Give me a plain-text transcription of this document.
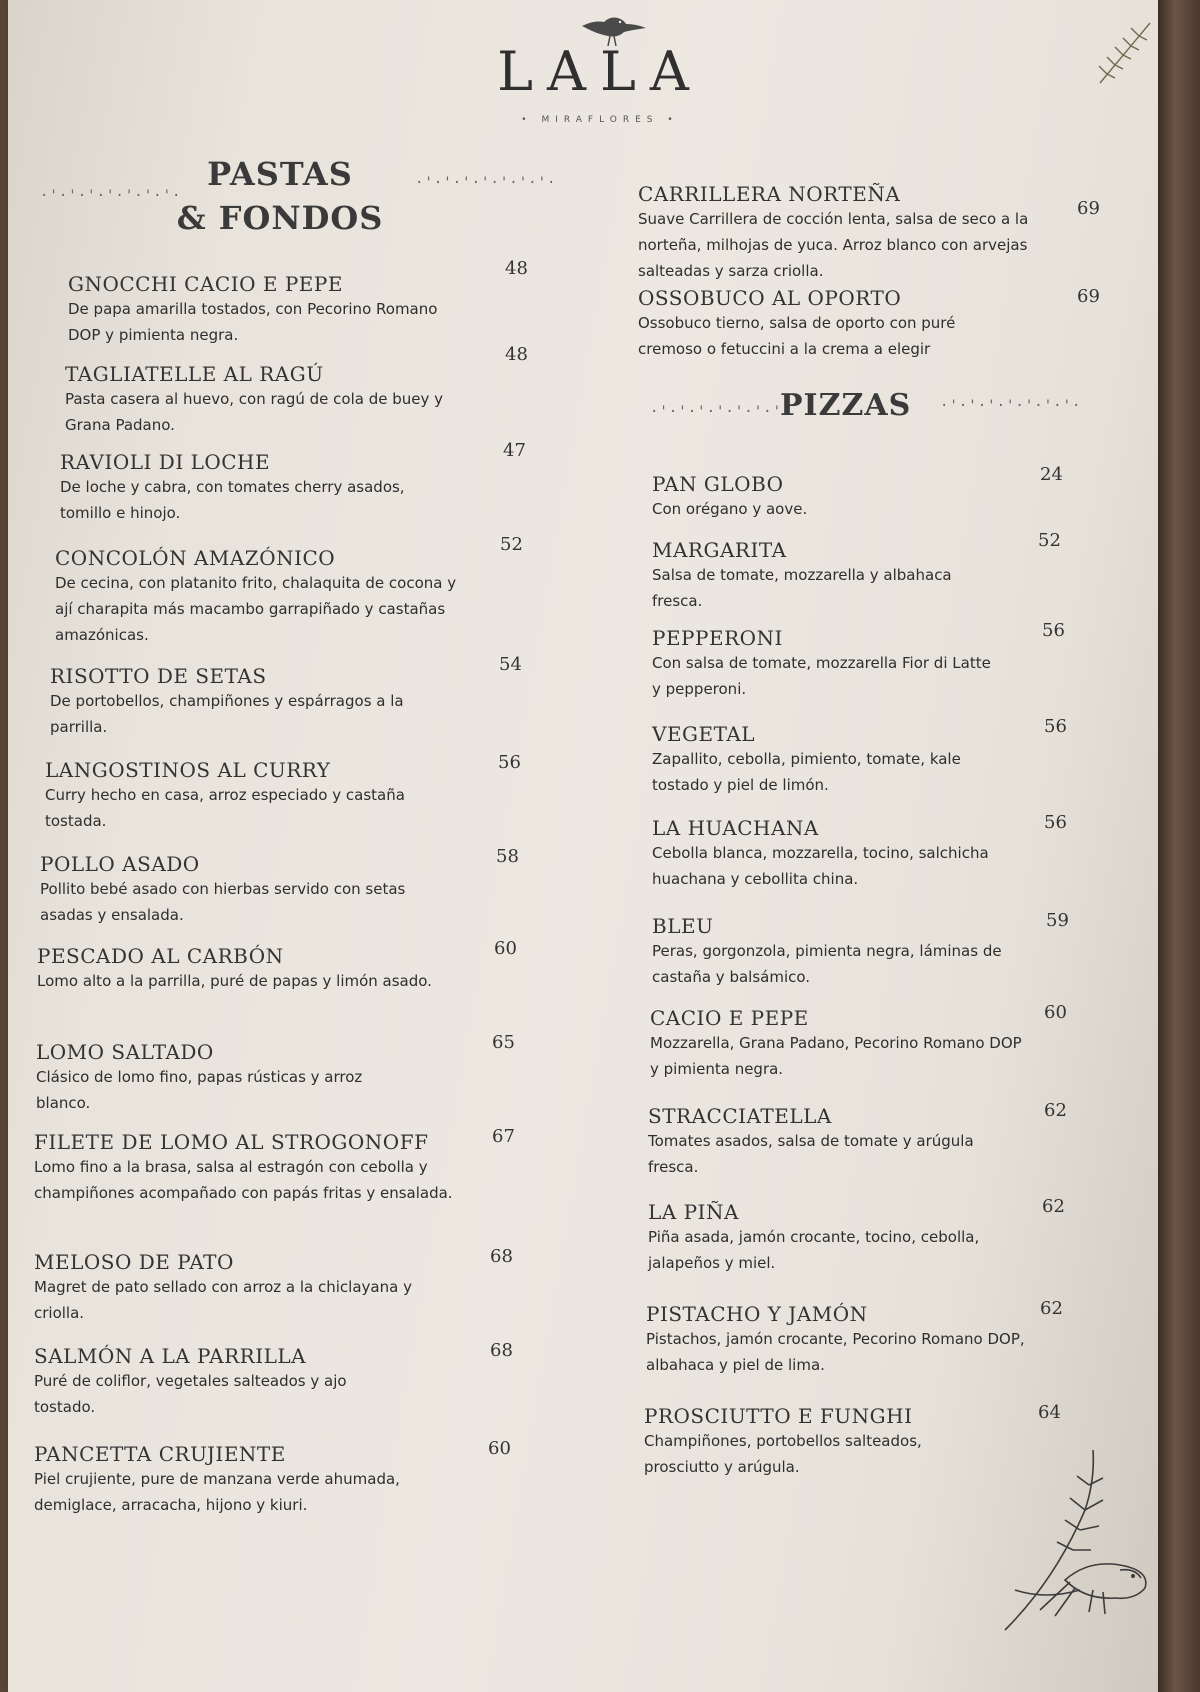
LALA
• MIRAFLORES •
·'·'·'·'·'·'·'·
PASTAS
& FONDOS
·'·'·'·'·'·'·'·
GNOCCHI CACIO E PEPE
De papa amarilla tostados, con Pecorino Romano DOP y pimienta negra.
48
TAGLIATELLE AL RAGÚ
Pasta casera al huevo, con ragú de cola de buey y Grana Padano.
48
RAVIOLI DI LOCHE
De loche y cabra, con tomates cherry asados, tomillo e hinojo.
47
CONCOLÓN AMAZÓNICO
De cecina, con platanito frito, chalaquita de cocona y ají charapita más macambo garrapiñado y castañas amazónicas.
52
RISOTTO DE SETAS
De portobellos, champiñones y espárragos a la parrilla.
54
LANGOSTINOS AL CURRY
Curry hecho en casa, arroz especiado y castaña tostada.
56
POLLO ASADO
Pollito bebé asado con hierbas servido con setas asadas y ensalada.
58
PESCADO AL CARBÓN
Lomo alto a la parrilla, puré de papas y limón asado.
60
LOMO SALTADO
Clásico de lomo fino, papas rústicas y arroz blanco.
65
FILETE DE LOMO AL STROGONOFF
Lomo fino a la brasa, salsa al estragón con cebolla y champiñones acompañado con papás fritas y ensalada.
67
MELOSO DE PATO
Magret de pato sellado con arroz a la chiclayana y criolla.
68
SALMÓN A LA PARRILLA
Puré de coliflor, vegetales salteados y ajo tostado.
68
PANCETTA CRUJIENTE
Piel crujiente, pure de manzana verde ahumada, demiglace, arracacha, hijono y kiuri.
60
CARRILLERA NORTEÑA
Suave Carrillera de cocción lenta, salsa de seco a la norteña, milhojas de yuca. Arroz blanco con arvejas salteadas y sarza criolla.
69
OSSOBUCO AL OPORTO
Ossobuco tierno, salsa de oporto con puré cremoso o fetuccini a la crema a elegir
69
·'·'·'·'·'·'·'·
PIZZAS ·'·'·'·'·'·'·'·
PAN GLOBO
Con orégano y aove.
24
MARGARITA
Salsa de tomate, mozzarella y albahaca fresca.
52
PEPPERONI
Con salsa de tomate, mozzarella Fior di Latte y pepperoni.
56
VEGETAL
Zapallito, cebolla, pimiento, tomate, kale tostado y piel de limón.
56
LA HUACHANA
Cebolla blanca, mozzarella, tocino, salchicha huachana y cebollita china.
56
BLEU
Peras, gorgonzola, pimienta negra, láminas de castaña y balsámico.
59
CACIO E PEPE
Mozzarella, Grana Padano, Pecorino Romano DOP y pimienta negra.
60
STRACCIATELLA
Tomates asados, salsa de tomate y arúgula fresca.
62
LA PIÑA
Piña asada, jamón crocante, tocino, cebolla, jalapeños y miel.
62
PISTACHO Y JAMÓN
Pistachos, jamón crocante, Pecorino Romano DOP, albahaca y piel de lima.
62
PROSCIUTTO E FUNGHI
Champiñones, portobellos salteados, prosciutto y arúgula.
64
